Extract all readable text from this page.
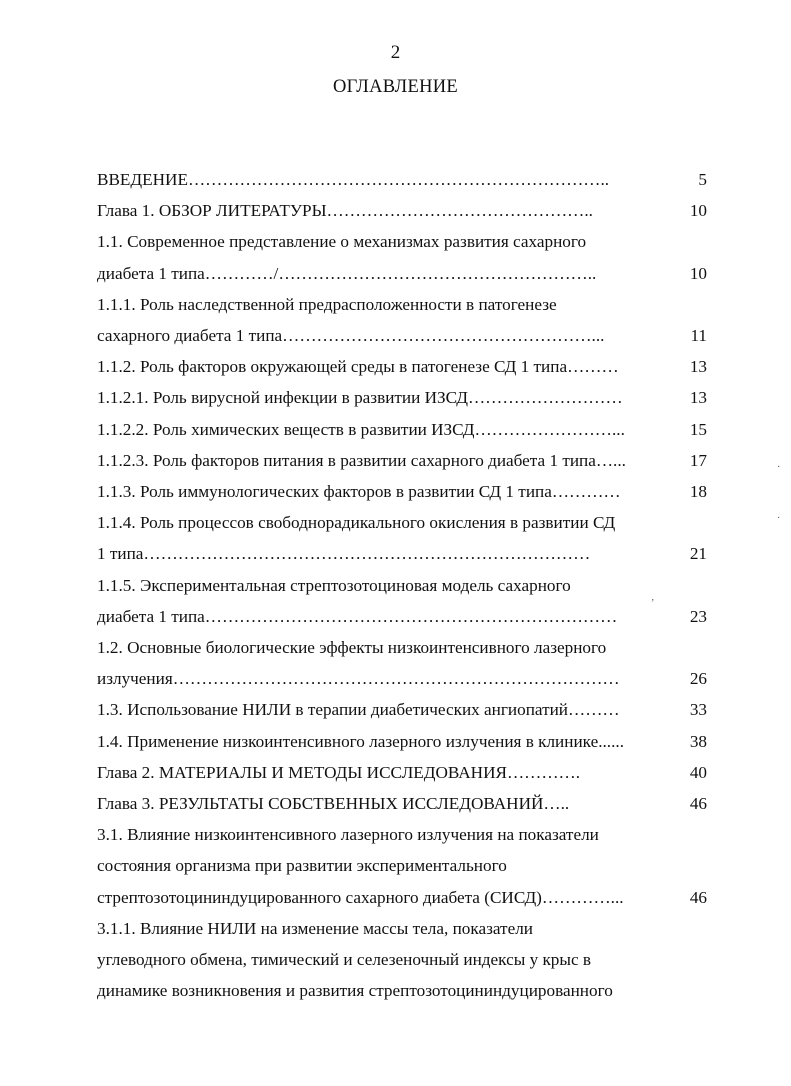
2
ОГЛАВЛЕНИЕ
ВВЕДЕНИЕ………………………………………………………………..	5
Глава 1. ОБЗОР ЛИТЕРАТУРЫ………………………………………..	10
1.1. Современное представление о механизмах развития сахарного
диабета 1 типа…………/………………………………………………..	10
1.1.1. Роль наследственной предрасположенности в патогенезе
сахарного диабета 1 типа………………………………………………...	11
1.1.2. Роль факторов окружающей среды в патогенезе СД 1 типа………	13
1.1.2.1. Роль вирусной инфекции в развитии ИЗСД………………………	13
1.1.2.2. Роль химических веществ в развитии ИЗСД……………………...	15
1.1.2.3. Роль факторов питания в развитии сахарного диабета 1 типа…...	17
1.1.3. Роль иммунологических факторов в развитии СД 1 типа…………	18
1.1.4. Роль процессов свободнорадикального окисления в развитии СД
1 типа……………………………………………………………………	21
1.1.5. Экспериментальная стрептозотоциновая модель сахарного
диабета 1 типа………………………………………………………………	23
1.2. Основные биологические эффекты низкоинтенсивного лазерного
излучения……………………………………………………………………	26
1.3. Использование НИЛИ в терапии диабетических ангиопатий………	33
1.4. Применение низкоинтенсивного лазерного излучения в клинике......	38
Глава 2. МАТЕРИАЛЫ И МЕТОДЫ ИССЛЕДОВАНИЯ………….	40
Глава 3. РЕЗУЛЬТАТЫ СОБСТВЕННЫХ ИССЛЕДОВАНИЙ…..	46
3.1. Влияние низкоинтенсивного лазерного излучения на показатели
состояния организма при развитии экспериментального
стрептозотоцининдуцированного сахарного диабета (СИСД)…………...	46
3.1.1. Влияние НИЛИ на изменение массы тела, показатели
углеводного обмена, тимический и селезеночный индексы у крыс в
динамике возникновения и развития стрептозотоцининдуцированного
·
·
’
